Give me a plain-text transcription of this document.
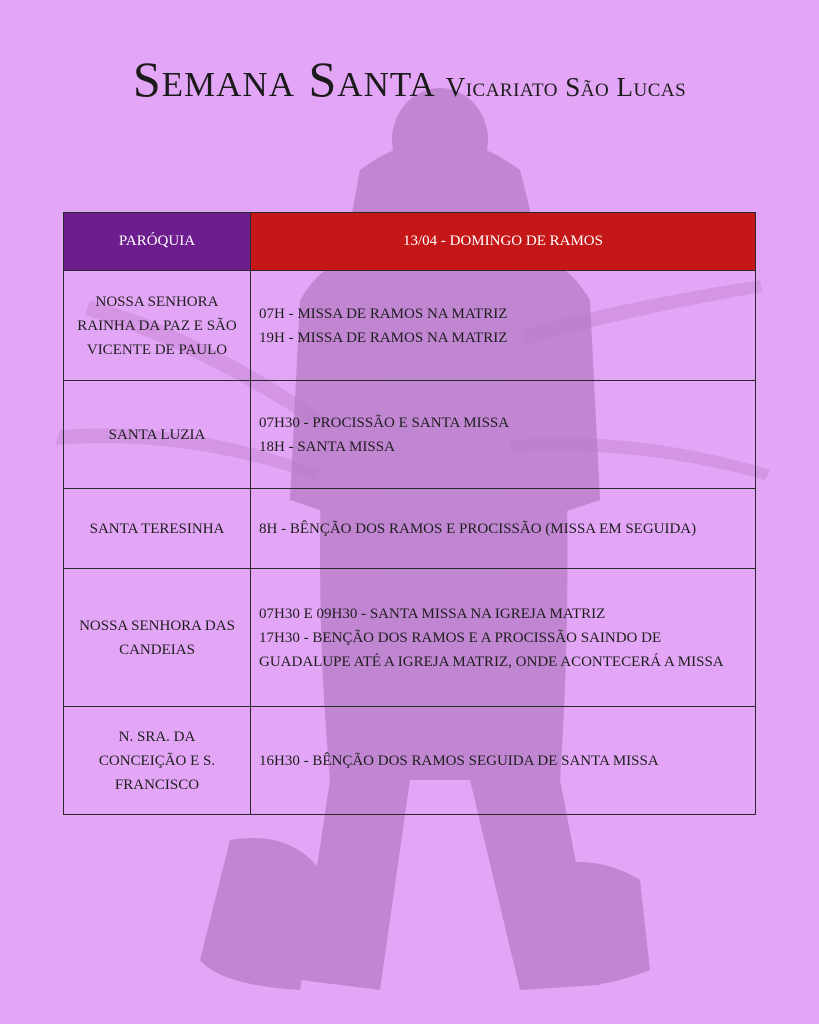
Semana Santa Vicariato São Lucas
PARÓQUIA	13/04 - DOMINGO DE RAMOS
NOSSA SENHORA RAINHA DA PAZ E SÃO VICENTE DE PAULO	07H - MISSA DE RAMOS NA MATRIZ
19H - MISSA DE RAMOS NA MATRIZ

SANTA LUZIA	07H30 - PROCISSÃO E SANTA MISSA
18H - SANTA MISSA

SANTA TERESINHA	8H - BÊNÇÃO DOS RAMOS E PROCISSÃO (MISSA EM SEGUIDA)

NOSSA SENHORA DAS CANDEIAS	07H30 E 09H30 - SANTA MISSA NA IGREJA MATRIZ
17H30 - BENÇÃO DOS RAMOS E A PROCISSÃO SAINDO DE GUADALUPE ATÉ A IGREJA MATRIZ, ONDE ACONTECERÁ A MISSA

N. SRA. DA CONCEIÇÃO E S. FRANCISCO	16H30 - BÊNÇÃO DOS RAMOS SEGUIDA DE SANTA MISSA
